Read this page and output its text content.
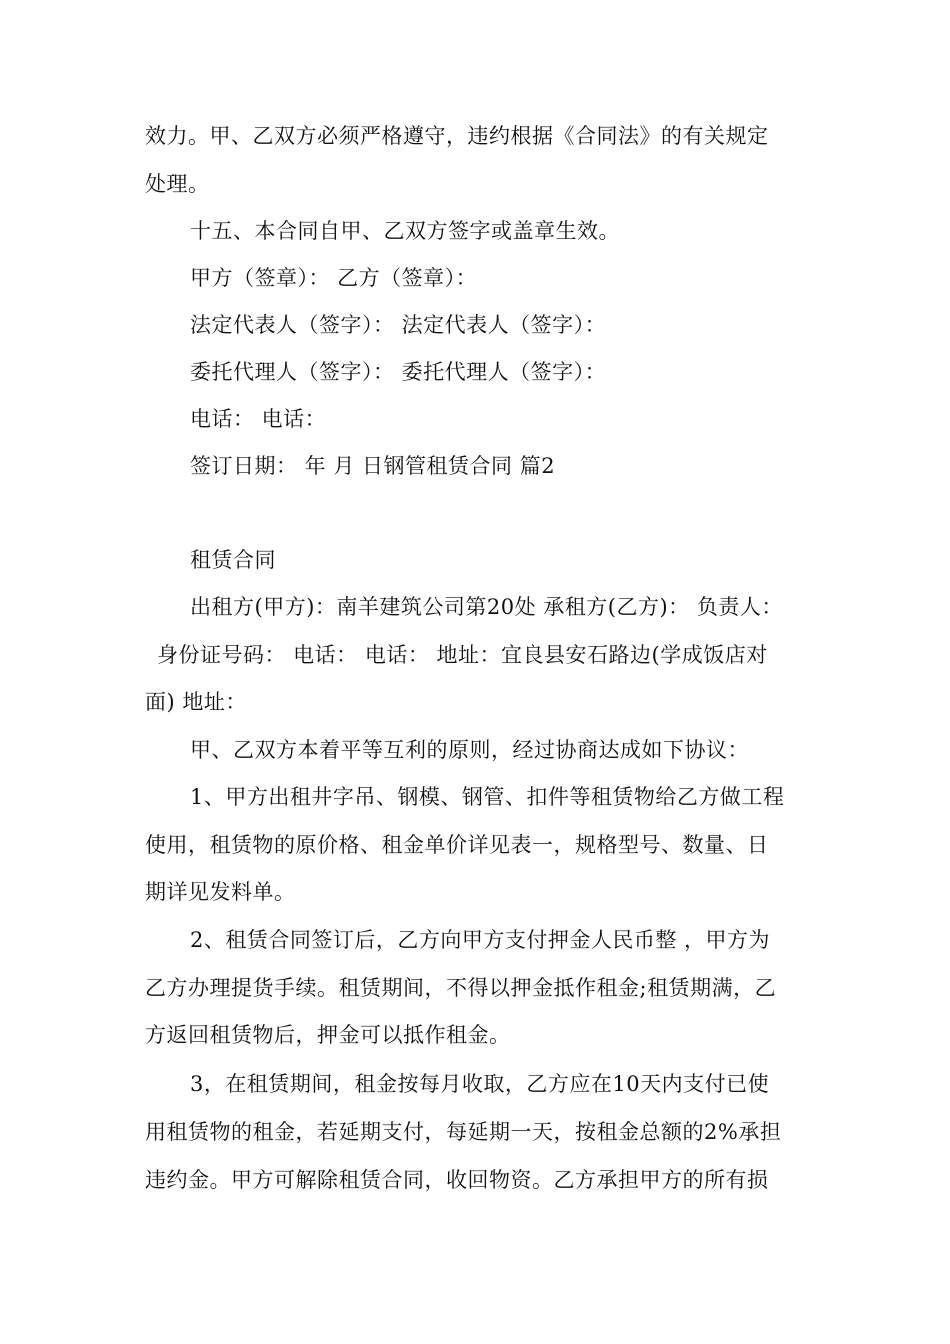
效力。甲、乙双方必须严格遵守，违约根据《合同法》的有关规定
处理。
十五、本合同自甲、乙双方签字或盖章生效。
甲方（签章）： 乙方（签章）：
法定代表人（签字）： 法定代表人（签字）：
委托代理人（签字）： 委托代理人（签字）：
电话： 电话：
签订日期： 年 月 日钢管租赁合同 篇2
租赁合同
出租方(甲方)：南羊建筑公司第20处 承租方(乙方)： 负责人：
身份证号码： 电话： 电话： 地址：宜良县安石路边(学成饭店对
面) 地址：
甲、乙双方本着平等互利的原则，经过协商达成如下协议：
1、甲方出租井字吊、钢模、钢管、扣件等租赁物给乙方做工程
使用，租赁物的原价格、租金单价详见表一，规格型号、数量、日
期详见发料单。
2、租赁合同签订后，乙方向甲方支付押金人民币整 ，甲方为
乙方办理提货手续。租赁期间，不得以押金抵作租金;租赁期满，乙
方返回租赁物后，押金可以抵作租金。
3，在租赁期间，租金按每月收取，乙方应在10天内支付已使
用租赁物的租金，若延期支付，每延期一天，按租金总额的2%承担
违约金。甲方可解除租赁合同，收回物资。乙方承担甲方的所有损
